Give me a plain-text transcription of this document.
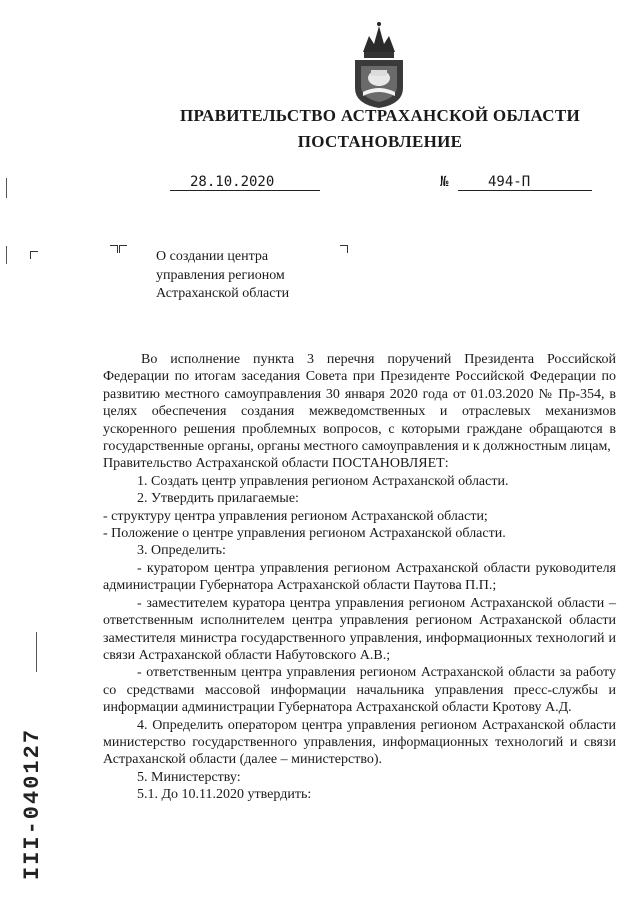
ПРАВИТЕЛЬСТВО АСТРАХАНСКОЙ ОБЛАСТИ
ПОСТАНОВЛЕНИЕ
28.10.2020	№	494-П
О создании центра
управления регионом
Астраханской области

Во исполнение пункта 3 перечня поручений Президента Российской Федерации по итогам заседания Совета при Президенте Российской Федерации по развитию местного самоуправления 30 января 2020 года от 01.03.2020 № Пр-354, в целях обеспечения создания межведомственных и отраслевых механизмов ускоренного решения проблемных вопросов, с которыми граждане обращаются в государственные органы, органы местного самоуправления и к должностным лицам,

Правительство Астраханской области ПОСТАНОВЛЯЕТ:

1. Создать центр управления регионом Астраханской области.

2. Утвердить прилагаемые:

- структуру центра управления регионом Астраханской области;

- Положение о центре управления регионом Астраханской области.

3. Определить:

- куратором центра управления регионом Астраханской области руководителя администрации Губернатора Астраханской области Паутова П.П.;

- заместителем куратора центра управления регионом Астраханской области – ответственным исполнителем центра управления регионом Астраханской области заместителя министра государственного управления, информационных технологий и связи Астраханской области Набутовского А.В.;

- ответственным центра управления регионом Астраханской области за работу со средствами массовой информации начальника управления пресс-службы и информации администрации Губернатора Астраханской области Кротову А.Д.

4. Определить оператором центра управления регионом Астраханской области министерство государственного управления, информационных технологий и связи Астраханской области (далее – министерство).

5. Министерству:

5.1. До 10.11.2020 утвердить:

III-040127
